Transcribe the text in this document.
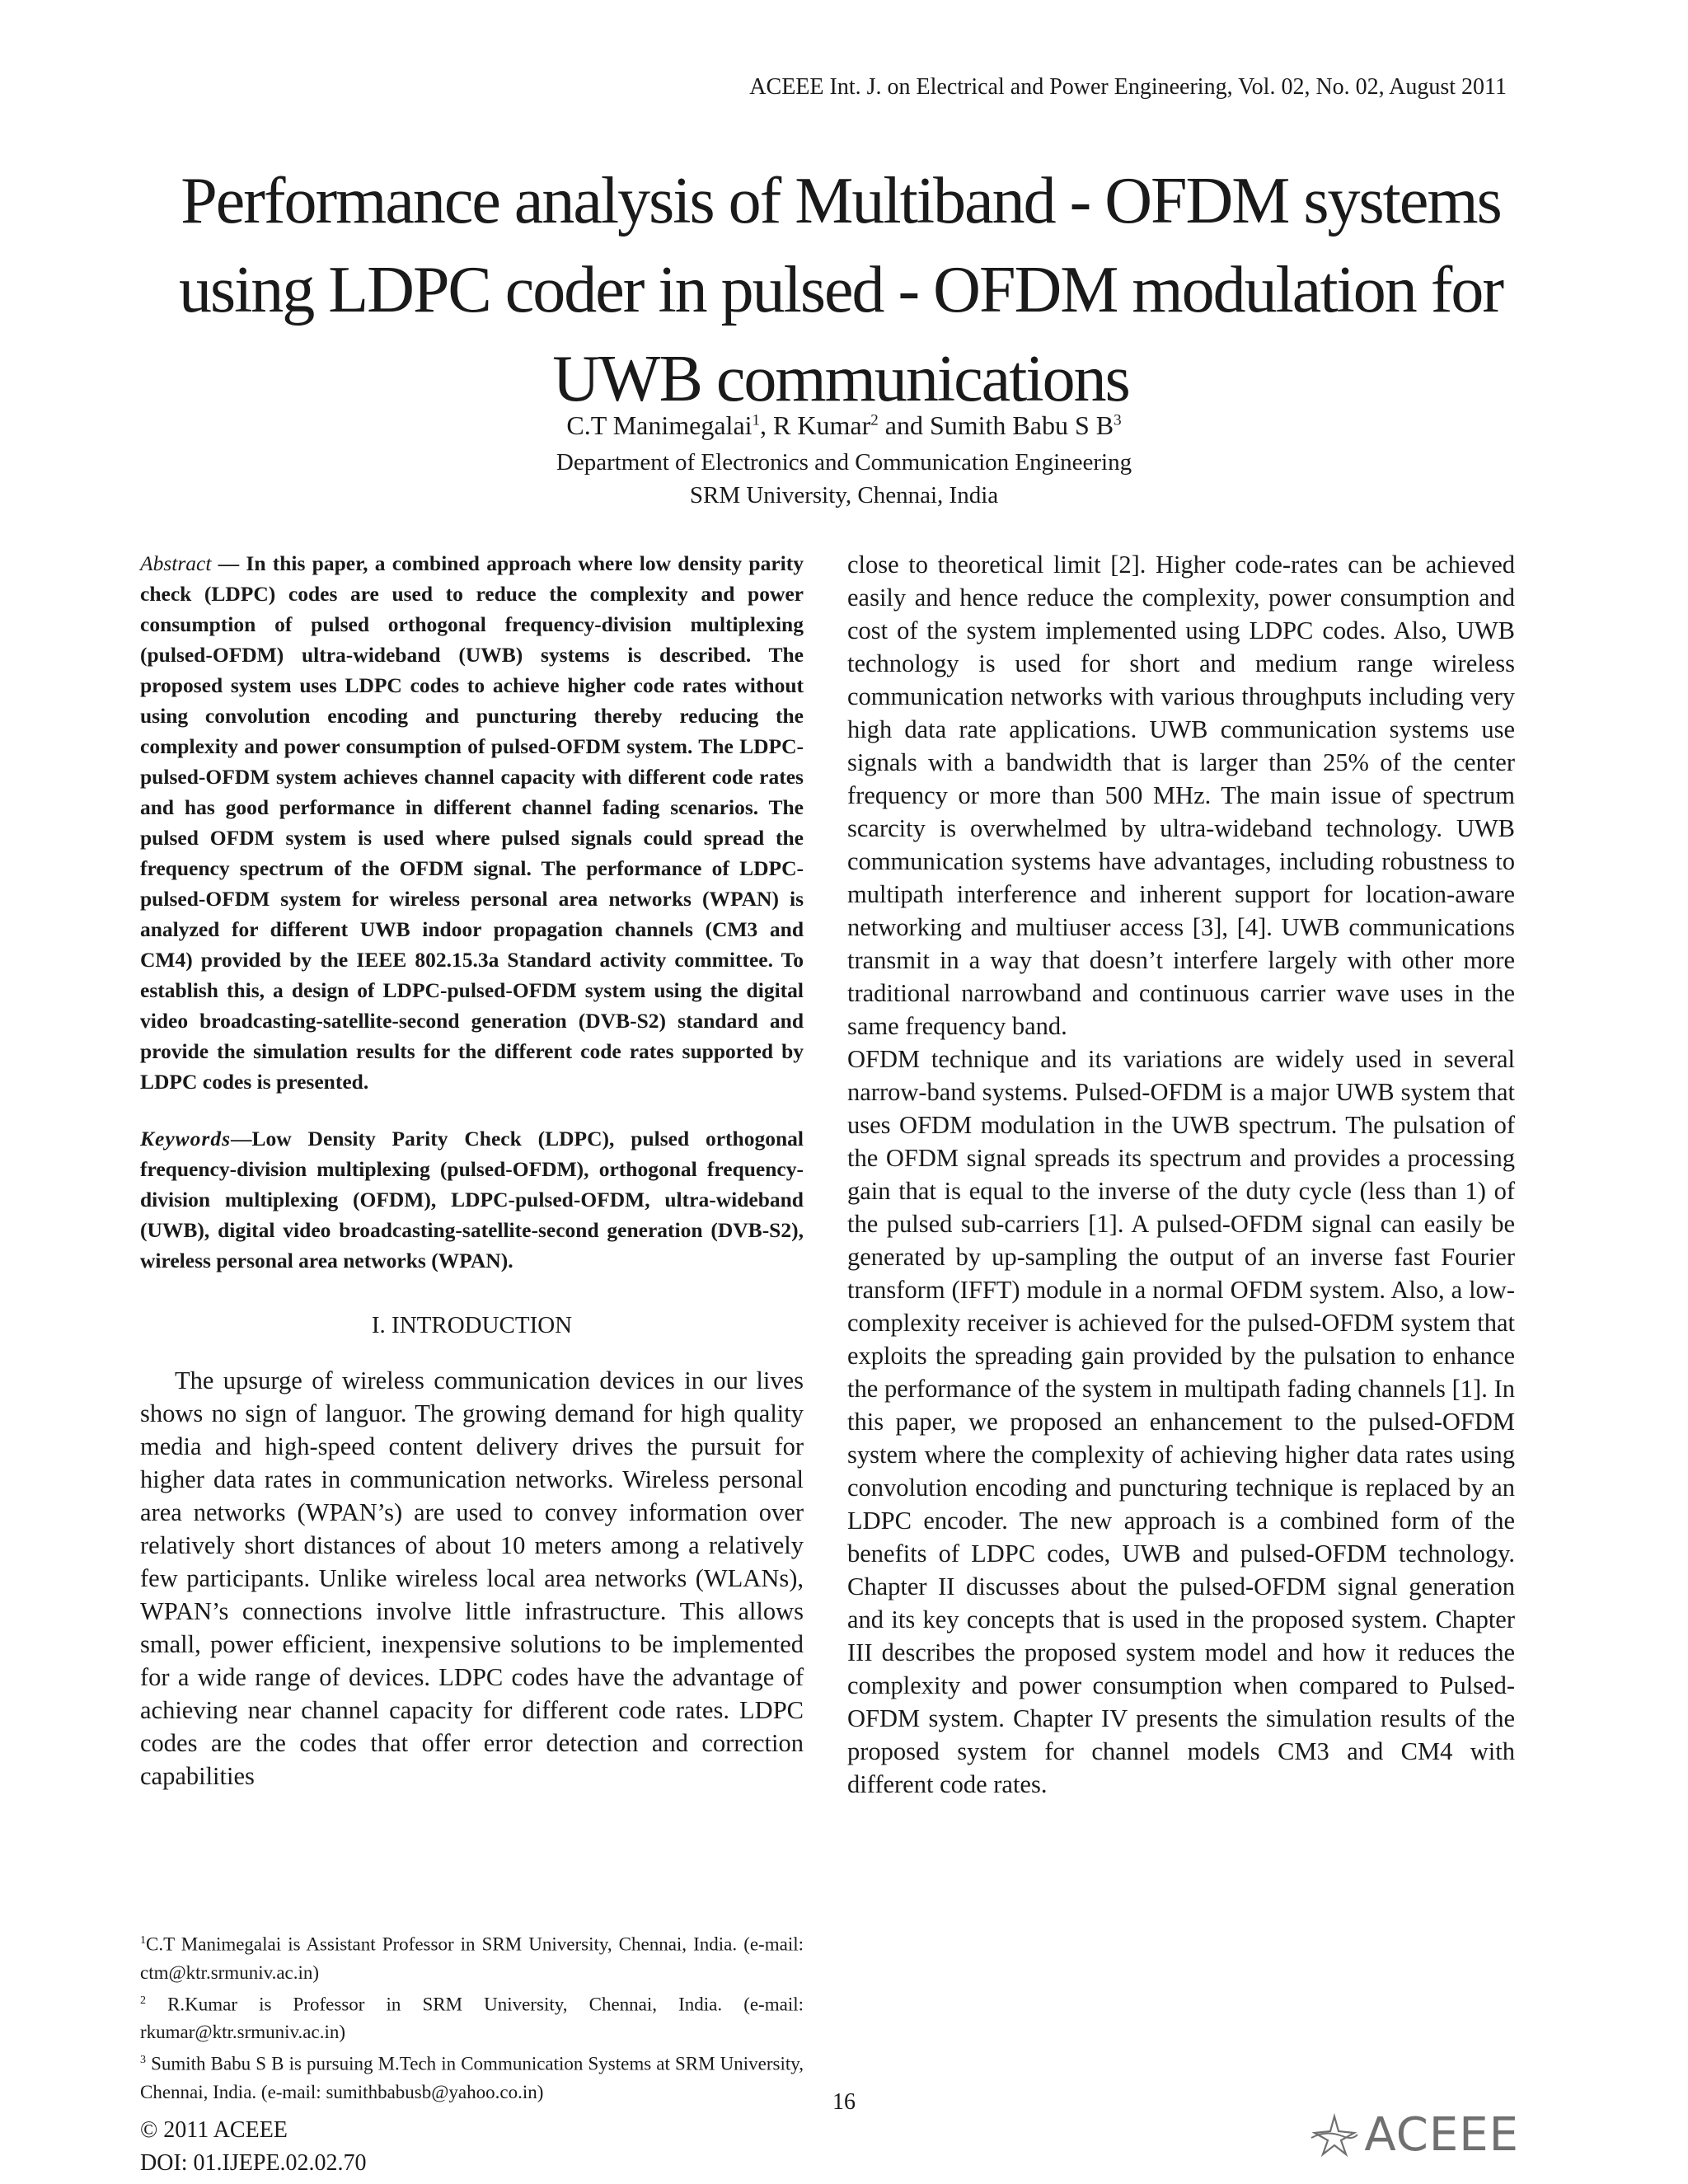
ACEEE Int. J. on Electrical and Power Engineering, Vol. 02, No. 02, August 2011
Performance analysis of Multiband - OFDM systems using LDPC coder in pulsed - OFDM modulation for UWB communications
C.T Manimegalai$^1$, R Kumar$^2$ and Sumith Babu S $B^3$
Department of Electronics and Communication Engineering
SRM University, Chennai, India

Abstract — In this paper, a combined approach where low density parity check (LDPC) codes are used to reduce the complexity and power consumption of pulsed orthogonal frequency-division multiplexing (pulsed-OFDM) ultra-wideband (UWB) systems is described. The proposed system uses LDPC codes to achieve higher code rates without using convolution encoding and puncturing thereby reducing the complexity and power consumption of pulsed-OFDM system. The LDPC-pulsed-OFDM system achieves channel capacity with different code rates and has good performance in different channel fading scenarios. The pulsed OFDM system is used where pulsed signals could spread the frequency spectrum of the OFDM signal. The performance of LDPC-pulsed-OFDM system for wireless personal area networks (WPAN) is analyzed for different UWB indoor propagation channels (CM3 and CM4) provided by the IEEE 802.15.3a Standard activity committee. To establish this, a design of LDPC-pulsed-OFDM system using the digital video broadcasting-satellite-second generation (DVB-S2) standard and provide the simulation results for the different code rates supported by LDPC codes is presented.

Keywords—Low Density Parity Check (LDPC), pulsed orthogonal frequency-division multiplexing (pulsed-OFDM), orthogonal frequency-division multiplexing (OFDM), LDPC-pulsed-OFDM, ultra-wideband (UWB), digital video broadcasting-satellite-second generation (DVB-S2), wireless personal area networks (WPAN).

I. INTRODUCTION

The upsurge of wireless communication devices in our lives shows no sign of languor. The growing demand for high quality media and high-speed content delivery drives the pursuit for higher data rates in communication networks. Wireless personal area networks (WPAN’s) are used to convey information over relatively short distances of about 10 meters among a relatively few participants. Unlike wireless local area networks (WLANs), WPAN’s connections involve little infrastructure. This allows small, power efficient, inexpensive solutions to be implemented for a wide range of devices. LDPC codes have the advantage of achieving near channel capacity for different code rates. LDPC codes are the codes that offer error detection and correction capabilities

close to theoretical limit [2]. Higher code-rates can be achieved easily and hence reduce the complexity, power consumption and cost of the system implemented using LDPC codes. Also, UWB technology is used for short and medium range wireless communication networks with various throughputs including very high data rate applications. UWB communication systems use signals with a bandwidth that is larger than 25% of the center frequency or more than 500 MHz. The main issue of spectrum scarcity is overwhelmed by ultra-wideband technology. UWB communication systems have advantages, including robustness to multipath interference and inherent support for location-aware networking and multiuser access [3], [4]. UWB communications transmit in a way that doesn’t interfere largely with other more traditional narrowband and continuous carrier wave uses in the same frequency band.

OFDM technique and its variations are widely used in several narrow-band systems. Pulsed-OFDM is a major UWB system that uses OFDM modulation in the UWB spectrum. The pulsation of the OFDM signal spreads its spectrum and provides a processing gain that is equal to the inverse of the duty cycle (less than 1) of the pulsed sub-carriers [1]. A pulsed-OFDM signal can easily be generated by up-sampling the output of an inverse fast Fourier transform (IFFT) module in a normal OFDM system. Also, a low-complexity receiver is achieved for the pulsed-OFDM system that exploits the spreading gain provided by the pulsation to enhance the performance of the system in multipath fading channels [1]. In this paper, we proposed an enhancement to the pulsed-OFDM system where the complexity of achieving higher data rates using convolution encoding and puncturing technique is replaced by an LDPC encoder. The new approach is a combined form of the benefits of LDPC codes, UWB and pulsed-OFDM technology. Chapter II discusses about the pulsed-OFDM signal generation and its key concepts that is used in the proposed system. Chapter III describes the proposed system model and how it reduces the complexity and power consumption when compared to Pulsed-OFDM system. Chapter IV presents the simulation results of the proposed system for channel models CM3 and CM4 with different code rates.

$^1$C.T Manimegalai is Assistant Professor in SRM University, Chennai, India. (e-mail: ctm@ktr.srmuniv.ac.in)

$^2$ R.Kumar is Professor in SRM University, Chennai, India. (e-mail: rkumar@ktr.srmuniv.ac.in)

$^3$ Sumith Babu S B is pursuing M.Tech in Communication Systems at SRM University, Chennai, India. (e-mail: sumithbabusb@yahoo.co.in)	16
© 2011 ACEEE
DOI: 01.IJEPE.02.02.70
ACEEE
